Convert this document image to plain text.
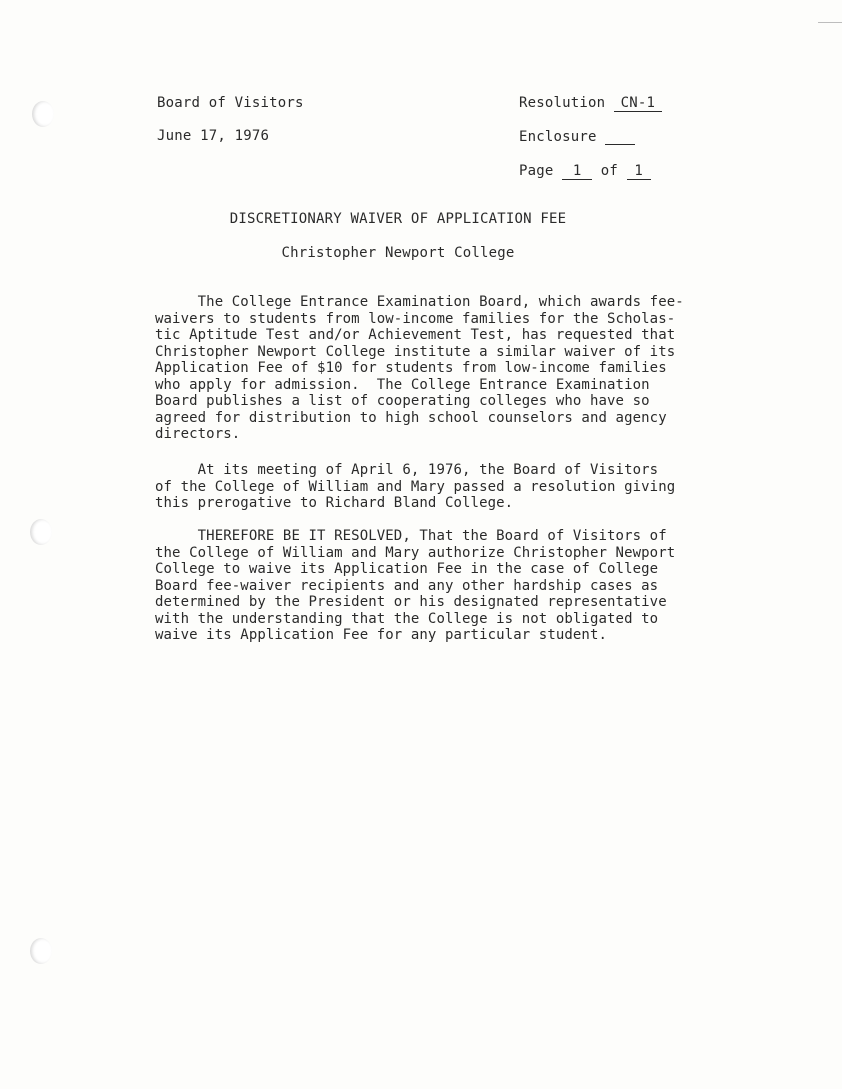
Board of Visitors
June 17, 1976
Resolution CN-1
Enclosure
Page 1 of 1
DISCRETIONARY WAIVER OF APPLICATION FEE
Christopher Newport College
The College Entrance Examination Board, which awards fee-
waivers to students from low-income families for the Scholas-
tic Aptitude Test and/or Achievement Test, has requested that
Christopher Newport College institute a similar waiver of its
Application Fee of $10 for students from low-income families
who apply for admission.  The College Entrance Examination
Board publishes a list of cooperating colleges who have so
agreed for distribution to high school counselors and agency
directors.
At its meeting of April 6, 1976, the Board of Visitors
of the College of William and Mary passed a resolution giving
this prerogative to Richard Bland College.
THEREFORE BE IT RESOLVED, That the Board of Visitors of
the College of William and Mary authorize Christopher Newport
College to waive its Application Fee in the case of College
Board fee-waiver recipients and any other hardship cases as
determined by the President or his designated representative
with the understanding that the College is not obligated to
waive its Application Fee for any particular student.
